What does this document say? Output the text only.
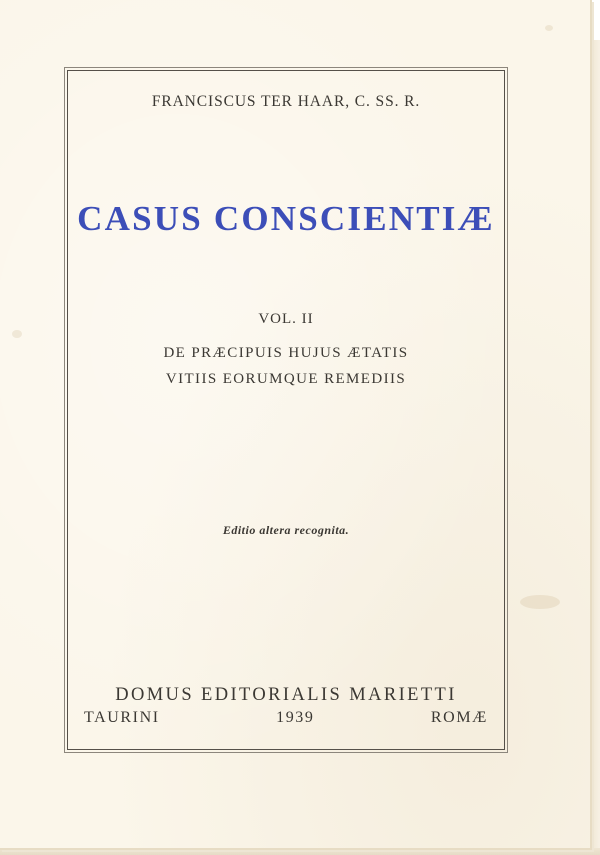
FRANCISCUS TER HAAR, C. SS. R.
CASUS CONSCIENTIÆ
VOL. II
DE PRÆCIPUIS HUJUS ÆTATIS
VITIIS EORUMQUE REMEDIIS
Editio altera recognita.
DOMUS EDITORIALIS MARIETTI
TAURINI	1939	ROMÆ
